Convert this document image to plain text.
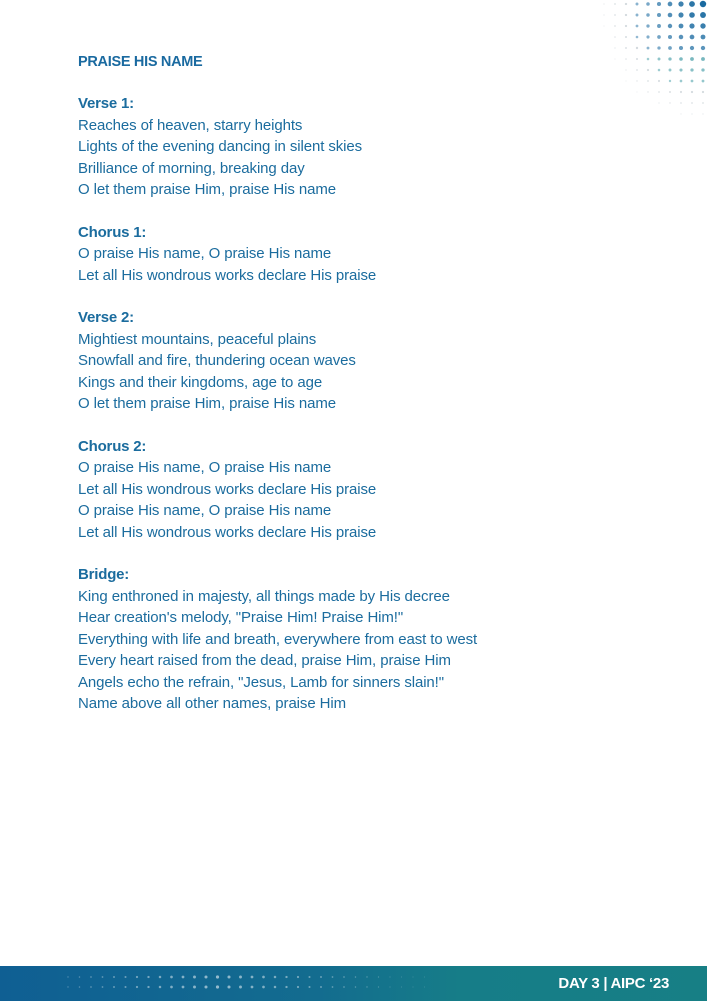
PRAISE HIS NAME
Verse 1:
Reaches of heaven, starry heights
Lights of the evening dancing in silent skies
Brilliance of morning, breaking day
O let them praise Him, praise His name
Chorus 1:
O praise His name, O praise His name
Let all His wondrous works declare His praise
Verse 2:
Mightiest mountains, peaceful plains
Snowfall and fire, thundering ocean waves
Kings and their kingdoms, age to age
O let them praise Him, praise His name
Chorus 2:
O praise His name, O praise His name
Let all His wondrous works declare His praise
O praise His name, O praise His name
Let all His wondrous works declare His praise
Bridge:
King enthroned in majesty, all things made by His decree
Hear creation's melody, "Praise Him! Praise Him!"
Everything with life and breath, everywhere from east to west
Every heart raised from the dead, praise Him, praise Him
Angels echo the refrain, "Jesus, Lamb for sinners slain!"
Name above all other names, praise Him
DAY 3 | AIPC ‘23
